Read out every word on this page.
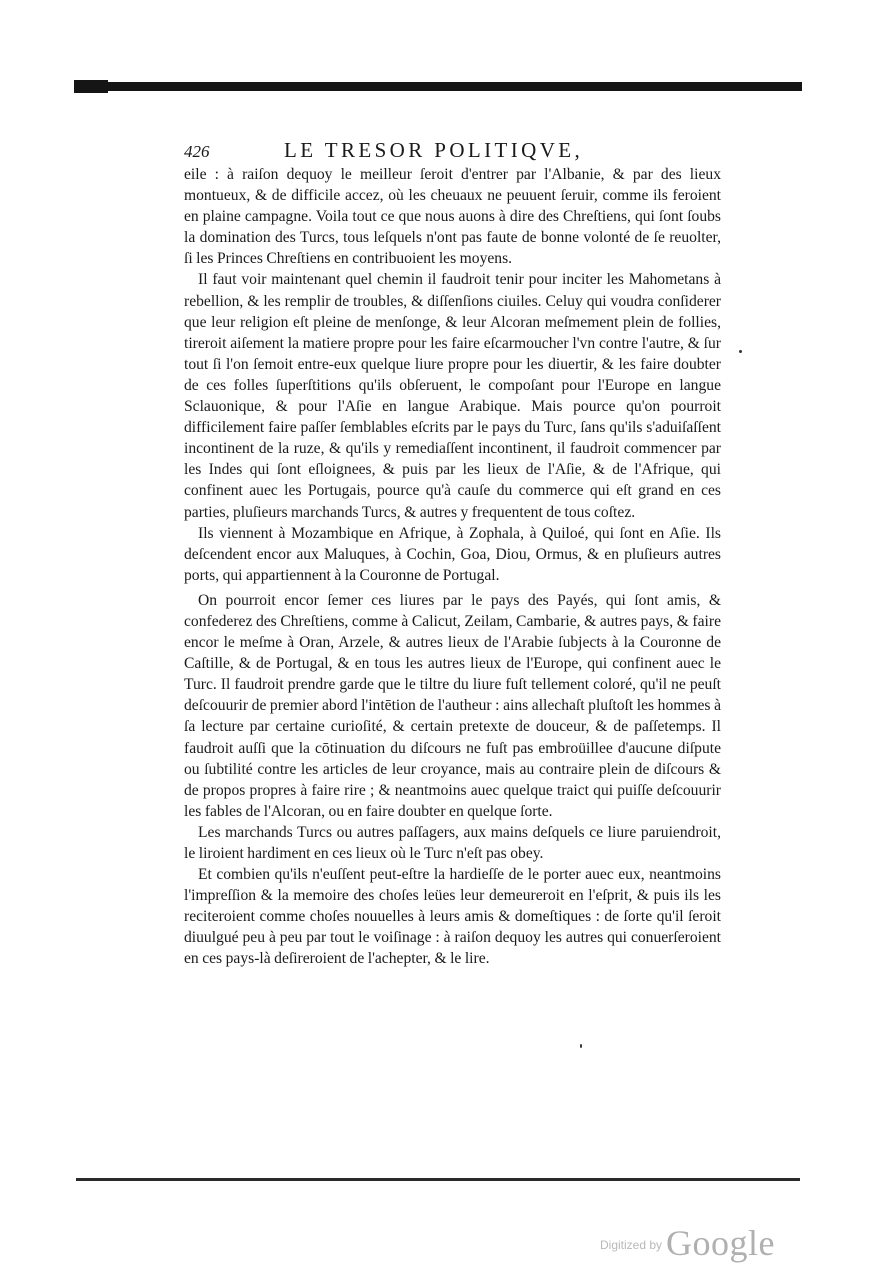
426	LE TRESOR POLITIQVE,

eile : à raiſon dequoy le meilleur ſeroit d'entrer par l'Albanie, & par des lieux montueux, & de difficile accez, où les cheuaux ne peuuent ſeruir, comme ils feroient en plaine campagne. Voila tout ce que nous auons à dire des Chreſtiens, qui ſont ſoubs la domination des Turcs, tous leſquels n'ont pas faute de bonne volonté de ſe reuolter, ſi les Princes Chreſtiens en contribuoient les moyens.

Il faut voir maintenant quel chemin il faudroit tenir pour inciter les Mahometans à rebellion, & les remplir de troubles, & diſſenſions ciuiles. Celuy qui voudra conſiderer que leur religion eſt pleine de menſonge, & leur Alcoran meſmement plein de follies, tireroit aiſement la matiere propre pour les faire eſcarmoucher l'vn contre l'autre, & ſur tout ſi l'on ſemoit entre-eux quelque liure propre pour les diuertir, & les faire doubter de ces folles ſuperſtitions qu'ils obſeruent, le compoſant pour l'Europe en langue Sclauonique, & pour l'Aſie en langue Arabique. Mais pource qu'on pourroit difficilement faire paſſer ſemblables eſcrits par le pays du Turc, ſans qu'ils s'aduiſaſſent incontinent de la ruze, & qu'ils y remediaſſent incontinent, il faudroit commencer par les Indes qui ſont eſloignees, & puis par les lieux de l'Aſie, & de l'Afrique, qui confinent auec les Portugais, pource qu'à cauſe du commerce qui eſt grand en ces parties, pluſieurs marchands Turcs, & autres y frequentent de tous coſtez.

Ils viennent à Mozambique en Afrique, à Zophala, à Quiloé, qui ſont en Aſie. Ils deſcendent encor aux Maluques, à Cochin, Goa, Diou, Ormus, & en pluſieurs autres ports, qui appartiennent à la Couronne de Portugal.

On pourroit encor ſemer ces liures par le pays des Payés, qui ſont amis, & confederez des Chreſtiens, comme à Calicut, Zeilam, Cambarie, & autres pays, & faire encor le meſme à Oran, Arzele, & autres lieux de l'Arabie ſubjects à la Couronne de Caſtille, & de Portugal, & en tous les autres lieux de l'Europe, qui confinent auec le Turc. Il faudroit prendre garde que le tiltre du liure fuſt tellement coloré, qu'il ne peuſt deſcouurir de premier abord l'intētion de l'autheur : ains allechaſt pluſtoſt les hommes à ſa lecture par certaine curioſité, & certain pretexte de douceur, & de paſſetemps. Il faudroit auſſi que la cōtinuation du diſcours ne fuſt pas embroüillee d'aucune diſpute ou ſubtilité contre les articles de leur croyance, mais au contraire plein de diſcours & de propos propres à faire rire ; & neantmoins auec quelque traict qui puiſſe deſcouurir les fables de l'Alcoran, ou en faire doubter en quelque ſorte.

Les marchands Turcs ou autres paſſagers, aux mains deſquels ce liure paruiendroit, le liroient hardiment en ces lieux où le Turc n'eſt pas obey.

Et combien qu'ils n'euſſent peut-eſtre la hardieſſe de le porter auec eux, neantmoins l'impreſſion & la memoire des choſes leües leur demeureroit en l'eſprit, & puis ils les reciteroient comme choſes nouuelles à leurs amis & domeſtiques : de ſorte qu'il ſeroit diuulgué peu à peu par tout le voiſinage : à raiſon dequoy les autres qui conuerſeroient en ces pays-là deſireroient de l'achepter, & le lire.

$^{Digitized by}$ Google
